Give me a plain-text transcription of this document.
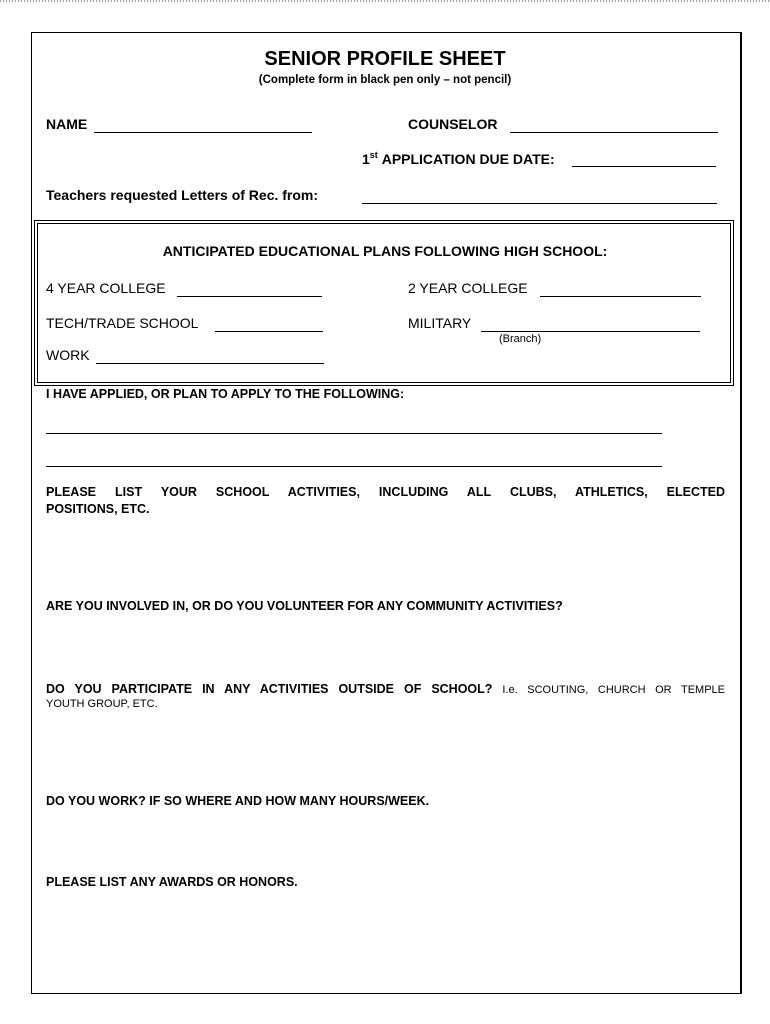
SENIOR PROFILE SHEET
(Complete form in black pen only – not pencil)
NAME	COUNSELOR
1st APPLICATION DUE DATE:
Teachers requested Letters of Rec. from:
ANTICIPATED EDUCATIONAL PLANS FOLLOWING HIGH SCHOOL:
4 YEAR COLLEGE	2 YEAR COLLEGE
TECH/TRADE SCHOOL	MILITARY
(Branch)
WORK
I HAVE APPLIED, OR PLAN TO APPLY TO THE FOLLOWING:
PLEASE LIST YOUR SCHOOL ACTIVITIES, INCLUDING ALL CLUBS, ATHLETICS, ELECTED
POSITIONS, ETC.
ARE YOU INVOLVED IN, OR DO YOU VOLUNTEER FOR ANY COMMUNITY ACTIVITIES?
DO YOU PARTICIPATE IN ANY ACTIVITIES OUTSIDE OF SCHOOL? I.e. SCOUTING, CHURCH OR TEMPLE
YOUTH GROUP, ETC.
DO YOU WORK? IF SO WHERE AND HOW MANY HOURS/WEEK.
PLEASE LIST ANY AWARDS OR HONORS.
